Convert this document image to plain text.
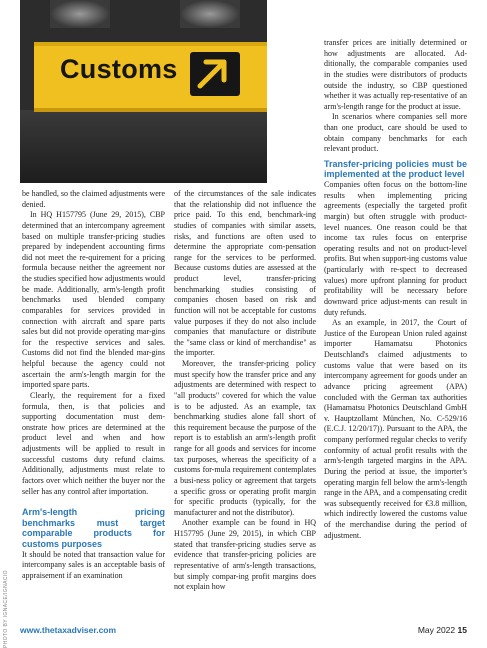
Customs
PHOTO BY IGNACE/IGNACIO

be handled, so the claimed adjustments were denied.

In HQ H157795 (June 29, 2015), CBP determined that an intercompany agreement based on multiple transfer-pricing studies prepared by independent accounting firms did not meet the re-quirement for a pricing formula because neither the agreement nor the studies specified how adjustments would be made. Additionally, arm's-length profit benchmarks used blended company comparables for services provided in connection with aircraft and spare parts sales but did not provide operating mar-gins for the respective services and sales. Customs did not find the blended mar-gins helpful because the agency could not ascertain the arm's-length margin for the imported spare parts.

Clearly, the requirement for a fixed formula, then, is that policies and supporting documentation must dem-onstrate how prices are determined at the product level and when and how adjustments will be applied to result in successful customs duty refund claims. Additionally, adjustments must relate to factors over which neither the buyer nor the seller has any control after importation.

Arm's-length pricing benchmarks must target comparable products for customs purposes

It should be noted that transaction value for intercompany sales is an acceptable basis of appraisement if an examination

of the circumstances of the sale indicates that the relationship did not influence the price paid. To this end, benchmark-ing studies of companies with similar assets, risks, and functions are often used to determine the appropriate com-pensation range for the services to be performed. Because customs duties are assessed at the product level, transfer-pricing benchmarking studies consisting of companies chosen based on risk and function will not be acceptable for customs value purposes if they do not also include companies that manufacture or distribute the "same class or kind of merchandise" as the importer.

Moreover, the transfer-pricing policy must specify how the transfer price and any adjustments are determined with respect to "all products" covered for which the value is to be adjusted. As an example, tax benchmarking studies alone fall short of this requirement because the purpose of the report is to establish an arm's-length profit range for all goods and services for income tax purposes, whereas the specificity of a customs for-mula requirement contemplates a busi-ness policy or agreement that targets a specific gross or operating profit margin for specific products (typically, for the manufacturer and not the distributor).

Another example can be found in HQ H157795 (June 29, 2015), in which CBP stated that transfer-pricing studies serve as evidence that transfer-pricing policies are representative of arm's-length transactions, but simply compar-ing profit margins does not explain how

transfer prices are initially determined or how adjustments are allocated. Ad-ditionally, the comparable companies used in the studies were distributors of products outside the industry, so CBP questioned whether it was actually rep-resentative of an arm's-length range for the product at issue.

In scenarios where companies sell more than one product, care should be used to obtain company benchmarks for each relevant product.

Transfer-pricing policies must be implemented at the product level

Companies often focus on the bottom-line results when implementing pricing agreements (especially the targeted profit margin) but often struggle with product-level nuances. One reason could be that income tax rules focus on enterprise operating results and not on product-level profits. But when support-ing customs value (particularly with re-spect to decreased values) more upfront planning for product profitability will be necessary before downward price adjust-ments can result in duty refunds.

As an example, in 2017, the Court of Justice of the European Union ruled against importer Hamamatsu Photonics Deutschland's claimed adjustments to customs value that were based on its intercompany agreement for goods under an advance pricing agreement (APA) concluded with the German tax authorities (Hamamatsu Photonics Deutschland GmbH v. Hauptzollamt München, No. C-529/16 (E.C.J. 12/20/17)). Pursuant to the APA, the company performed regular checks to verify conformity of actual profit results with the arm's-length targeted margins in the APA. During the period at issue, the importer's operating margin fell below the arm's-length range in the APA, and a compensating credit was subsequently received for €3.8 million, which indirectly lowered the customs value of the merchandise during the period of adjustment.

www.thetaxadviser.com	May 2022 15
